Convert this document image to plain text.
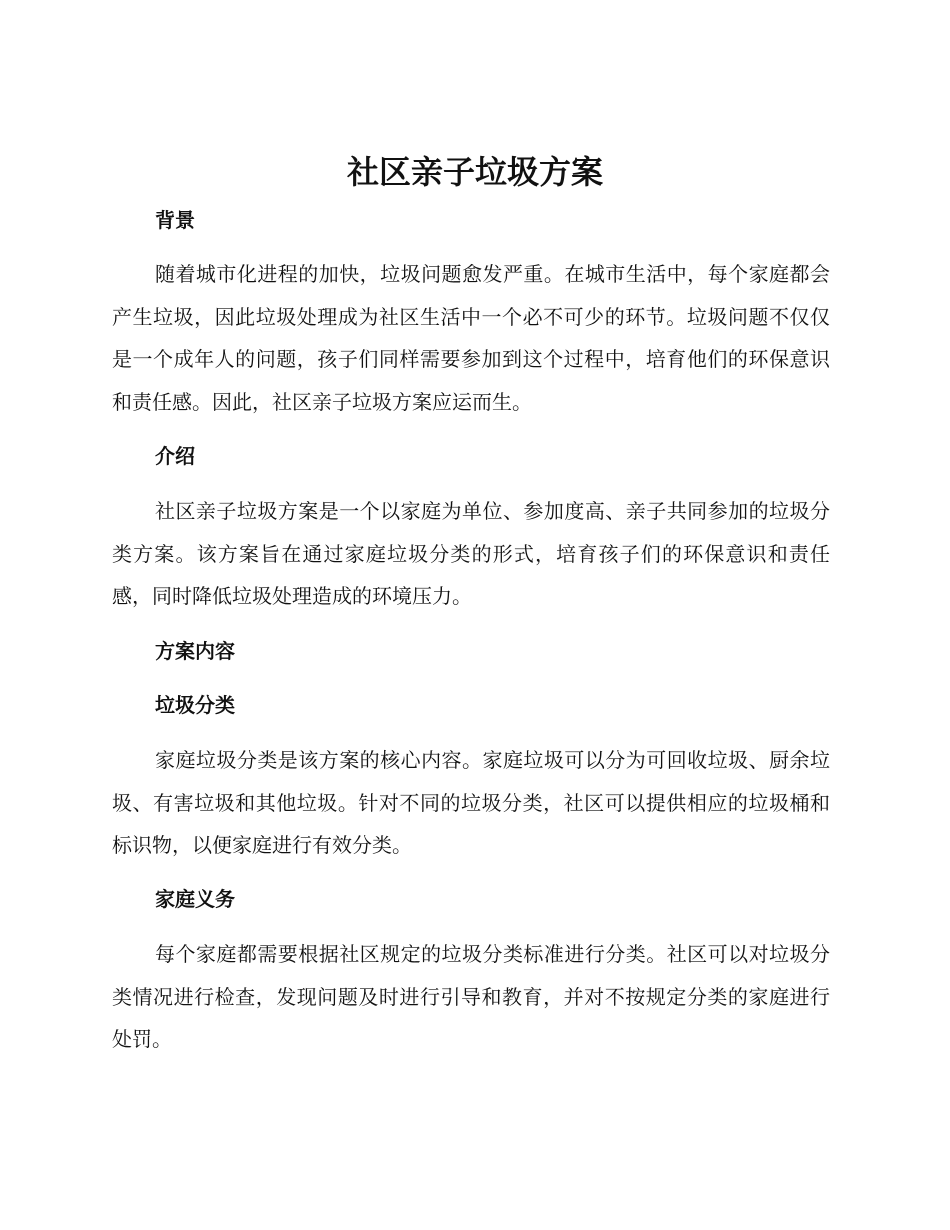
社区亲子垃圾方案
背景

随着城市化进程的加快，垃圾问题愈发严重。在城市生活中，每个家庭都会产生垃圾，因此垃圾处理成为社区生活中一个必不可少的环节。垃圾问题不仅仅是一个成年人的问题，孩子们同样需要参加到这个过程中，培育他们的环保意识和责任感。因此，社区亲子垃圾方案应运而生。

介绍

社区亲子垃圾方案是一个以家庭为单位、参加度高、亲子共同参加的垃圾分类方案。该方案旨在通过家庭垃圾分类的形式，培育孩子们的环保意识和责任感，同时降低垃圾处理造成的环境压力。

方案内容
垃圾分类

家庭垃圾分类是该方案的核心内容。家庭垃圾可以分为可回收垃圾、厨余垃圾、有害垃圾和其他垃圾。针对不同的垃圾分类，社区可以提供相应的垃圾桶和标识物，以便家庭进行有效分类。

家庭义务

每个家庭都需要根据社区规定的垃圾分类标准进行分类。社区可以对垃圾分类情况进行检查，发现问题及时进行引导和教育，并对不按规定分类的家庭进行处罚。
